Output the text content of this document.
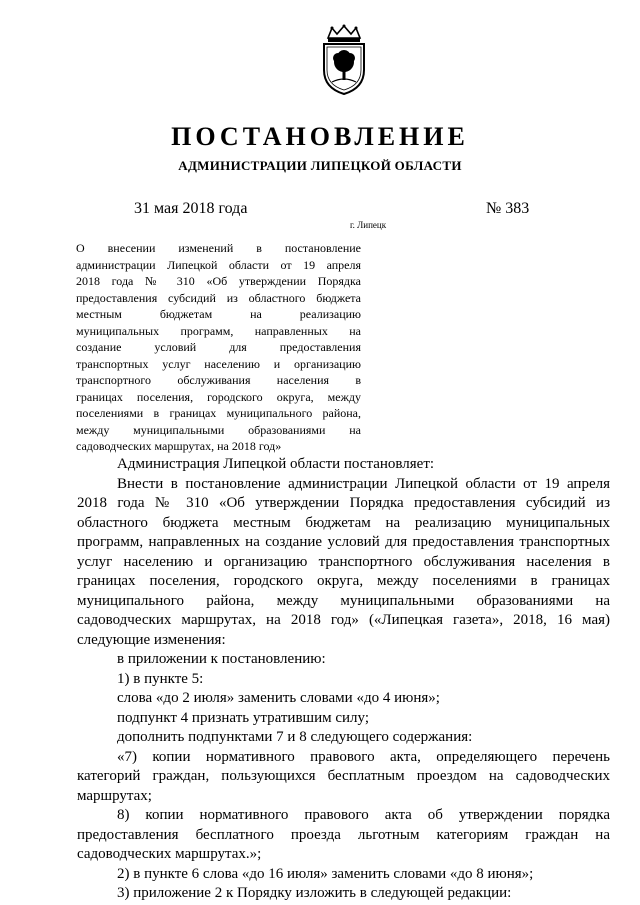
ПОСТАНОВЛЕНИЕ
АДМИНИСТРАЦИИ ЛИПЕЦКОЙ ОБЛАСТИ
31 мая 2018 года
г. Липецк
№ 383
О внесении изменений в постановление
администрации Липецкой области от 19 апреля
2018 года № 310 «Об утверждении Порядка
предоставления субсидий из областного бюджета
местным бюджетам на реализацию
муниципальных программ, направленных на
создание условий для предоставления
транспортных услуг населению и организацию
транспортного обслуживания населения в
границах поселения, городского округа, между
поселениями в границах муниципального района,
между муниципальными образованиями на
садоводческих маршрутах, на 2018 год»
Администрация Липецкой области постановляет:
Внести в постановление администрации Липецкой области от 19 апреля
2018 года № 310 «Об утверждении Порядка предоставления субсидий из
областного бюджета местным бюджетам на реализацию муниципальных
программ, направленных на создание условий для предоставления транспортных
услуг населению и организацию транспортного обслуживания населения в
границах поселения, городского округа, между поселениями в границах
муниципального района, между муниципальными образованиями на
садоводческих маршрутах, на 2018 год» («Липецкая газета», 2018, 16 мая)
следующие изменения:
в приложении к постановлению:
1) в пункте 5:
слова «до 2 июля» заменить словами «до 4 июня»;
подпункт 4 признать утратившим силу;
дополнить подпунктами 7 и 8 следующего содержания:
«7) копии нормативного правового акта, определяющего перечень
категорий граждан, пользующихся бесплатным проездом на садоводческих
маршрутах;
8) копии нормативного правового акта об утверждении порядка
предоставления бесплатного проезда льготным категориям граждан на
садоводческих маршрутах.»;
2) в пункте 6 слова «до 16 июля» заменить словами «до 8 июня»;
3) приложение 2 к Порядку изложить в следующей редакции:
